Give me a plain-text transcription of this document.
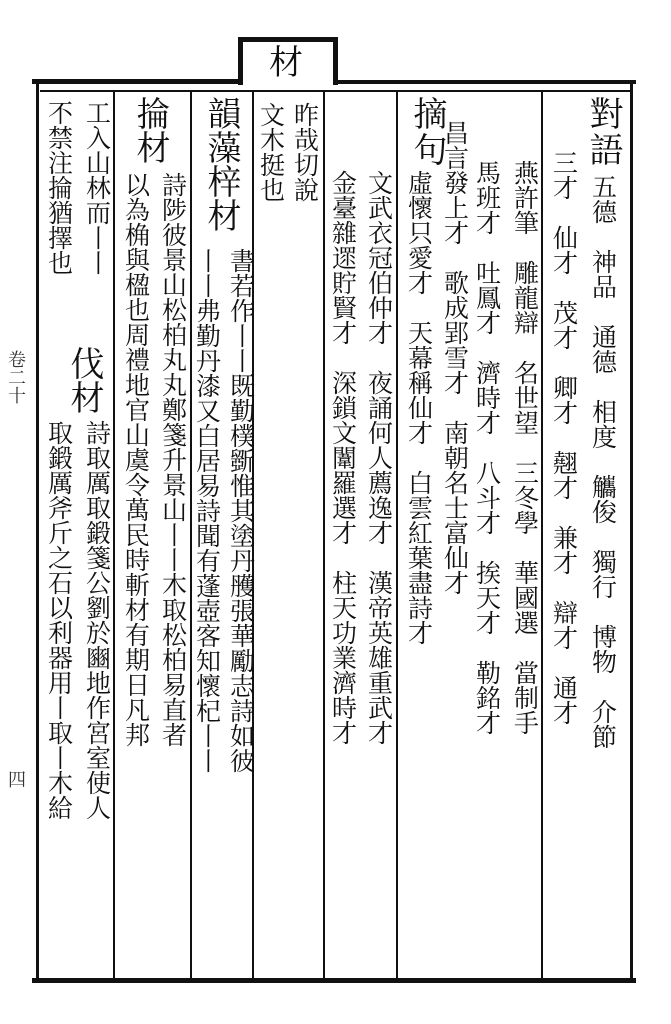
材
對語
五德　神品　通德　相度　觿俊　獨行　博物　介節
三才　仙才　茂才　卿才　翹才　兼才　辯才　通才
燕許筆　雕龍辯　名世望　三冬學　華國選　當制手
馬班才　吐鳳才　濟時才　八斗才　挨天才　勒銘才
摘句
昌言發上才　歌成郢雪才　南朝名士富仙才
虛懷只愛才　天幕稱仙才　白雲紅葉盡詩才
文武衣冠伯仲才　夜誦何人薦逸才　漢帝英雄重武才
金臺雜遝貯賢才　深鎖文闈羅選才　柱天功業濟時才
昨哉切說
文木挺也
韻藻梓材
書若作丨丨既勤樸斵惟其塗丹雘張華勵志詩如彼
丨丨弗勤丹漆又白居易詩聞有蓬壺客知懷杞丨丨
掄材
詩陟彼景山松柏丸丸鄭箋升景山丨丨木取松柏易直者
以為桷與楹也周禮地官山虞令萬民時斬材有期日凡邦
工入山林而丨丨
伐材
詩取厲取鍛箋公劉於豳地作宮室使人
不禁注掄猶擇也
取鍛厲斧斤之石以利器用丨取丨木給
卷二十
四
